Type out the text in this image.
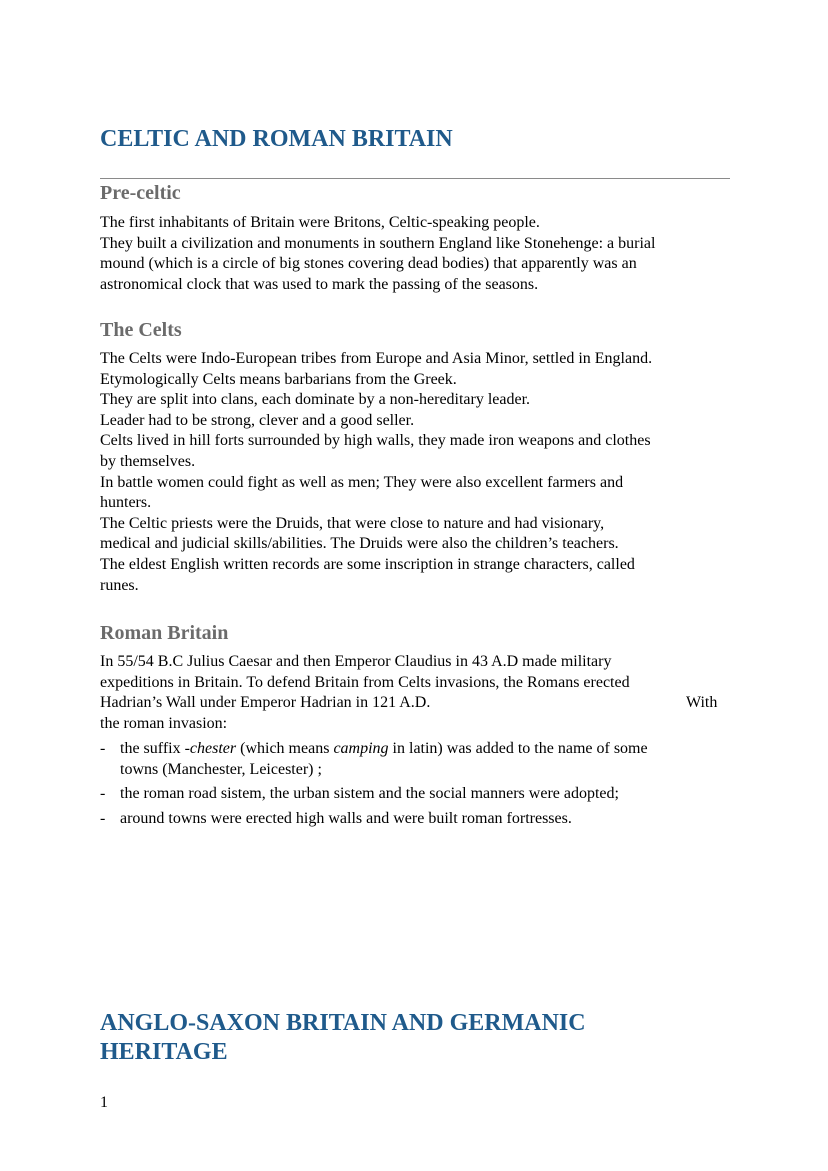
CELTIC AND ROMAN BRITAIN
Pre-celtic
The first inhabitants of Britain were Britons, Celtic-speaking people.
They built a civilization and monuments in southern England like Stonehenge: a burial
mound (which is a circle of big stones covering dead bodies) that apparently was an
astronomical clock that was used to mark the passing of the seasons.
The Celts
The Celts were Indo-European tribes from Europe and Asia Minor, settled in England.
Etymologically Celts means barbarians from the Greek.
They are split into clans, each dominate by a non-hereditary leader.
Leader had to be strong, clever and a good seller.
Celts lived in hill forts surrounded by high walls, they made iron weapons and clothes
by themselves.
In battle women could fight as well as men; They were also excellent farmers and
hunters.
The Celtic priests were the Druids, that were close to nature and had visionary,
medical and judicial skills/abilities. The Druids were also the children’s teachers.
The eldest English written records are some inscription in strange characters, called
runes.
Roman Britain
In 55/54 B.C Julius Caesar and then Emperor Claudius in 43 A.D made military
expeditions in Britain. To defend Britain from Celts invasions, the Romans erected
Hadrian’s Wall under Emperor Hadrian in 121 A.D.	With
the roman invasion:
- the suffix -chester (which means camping in latin) was added to the name of some
towns (Manchester, Leicester) ;
- the roman road sistem, the urban sistem and the social manners were adopted;
- around towns were erected high walls and were built roman fortresses.
ANGLO-SAXON BRITAIN AND GERMANIC
HERITAGE
1
